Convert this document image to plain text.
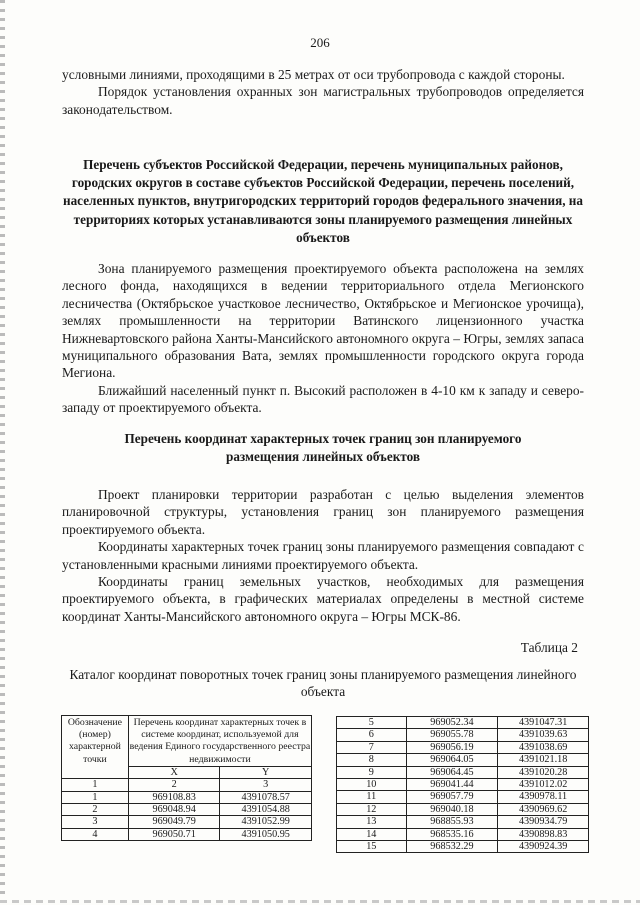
206

условными линиями, проходящими в 25 метрах от оси трубопровода с каждой стороны.

Порядок установления охранных зон магистральных трубопроводов определяется законодательством.

Перечень субъектов Российской Федерации, перечень муниципальных районов, городских округов в составе субъектов Российской Федерации, перечень поселений, населенных пунктов, внутригородских территорий городов федерального значения, на территориях которых устанавливаются зоны планируемого размещения линейных объектов

Зона планируемого размещения проектируемого объекта расположена на землях лесного фонда, находящихся в ведении территориального отдела Мегионского лесничества (Октябрьское участковое лесничество, Октябрьское и Мегионское урочища), землях промышленности на территории Ватинского лицензионного участка Нижневартовского района Ханты-Мансийского автономного округа – Югры, землях запаса муниципального образования Вата, землях промышленности городского округа города Мегиона.

Ближайший населенный пункт п. Высокий расположен в 4-10 км к западу и северо-западу от проектируемого объекта.

Перечень координат характерных точек границ зон планируемого размещения линейных объектов

Проект планировки территории разработан с целью выделения элементов планировочной структуры, установления границ зон планируемого размещения проектируемого объекта.

Координаты характерных точек границ зоны планируемого размещения совпадают с установленными красными линиями проектируемого объекта.

Координаты границ земельных участков, необходимых для размещения проектируемого объекта, в графических материалах определены в местной системе координат Ханты-Мансийского автономного округа – Югры МСК-86.

Таблица 2
Каталог координат поворотных точек границ зоны планируемого размещения линейного объекта
Обозначение (номер) характерной точки	Перечень координат характерных точек в системе координат, используемой для ведения Единого государственного реестра недвижимости	
	X	Y
1	2	3
1	969108.83	4391078.57
2	969048.94	4391054.88
3	969049.79	4391052.99
4	969050.71	4391050.95
5	969052.34	4391047.31
6	969055.78	4391039.63
7	969056.19	4391038.69
8	969064.05	4391021.18
9	969064.45	4391020.28
10	969041.44	4391012.02
11	969057.79	4390978.11
12	969040.18	4390969.62
13	968855.93	4390934.79
14	968535.16	4390898.83
15	968532.29	4390924.39
